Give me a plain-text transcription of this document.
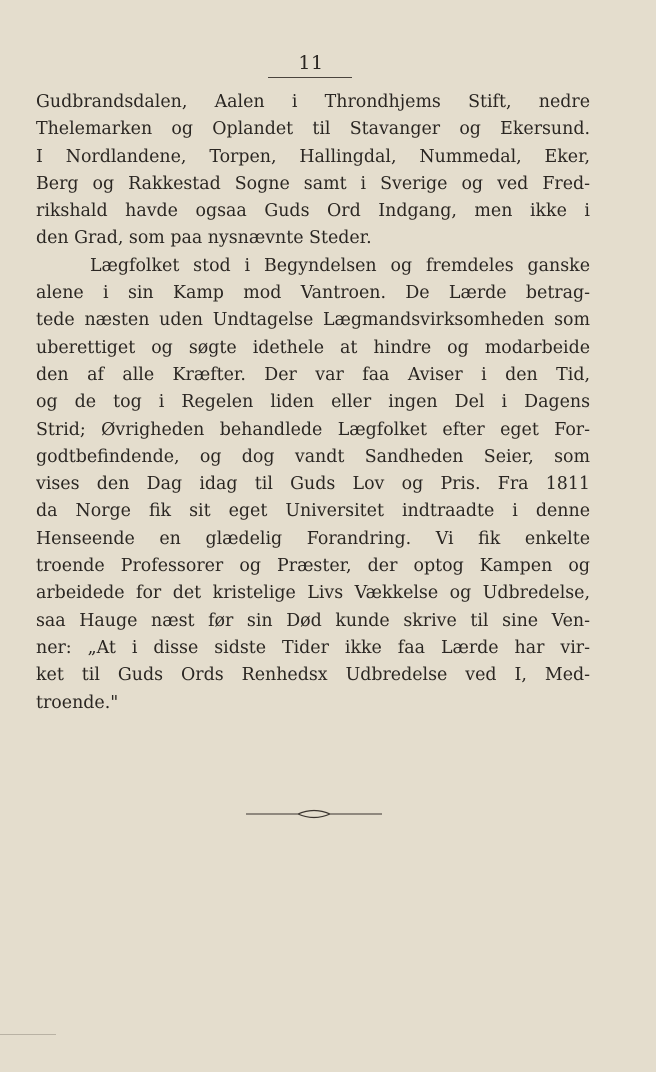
11
Gudbrandsdalen, Aalen i Throndhjems Stift, nedre
Thelemarken og Oplandet til Stavanger og Ekersund.
I Nordlandene, Torpen, Hallingdal, Nummedal, Eker,
Berg og Rakkestad Sogne samt i Sverige og ved Fred-
rikshald havde ogsaa Guds Ord Indgang, men ikke i
den Grad, som paa nysnævnte Steder.
Lægfolket stod i Begyndelsen og fremdeles ganske
alene i sin Kamp mod Vantroen. De Lærde betrag-
tede næsten uden Undtagelse Lægmandsvirksomheden som
uberettiget og søgte idethele at hindre og modarbeide
den af alle Kræfter. Der var faa Aviser i den Tid,
og de tog i Regelen liden eller ingen Del i Dagens
Strid; Øvrigheden behandlede Lægfolket efter eget For-
godtbefindende, og dog vandt Sandheden Seier, som
vises den Dag idag til Guds Lov og Pris. Fra 1811
da Norge fik sit eget Universitet indtraadte i denne
Henseende en glædelig Forandring. Vi fik enkelte
troende Professorer og Præster, der optog Kampen og
arbeidede for det kristelige Livs Vækkelse og Udbredelse,
saa Hauge næst før sin Død kunde skrive til sine Ven-
ner: „At i disse sidste Tider ikke faa Lærde har vir-
ket til Guds Ords Renhedsx Udbredelse ved I, Med-
troende."
